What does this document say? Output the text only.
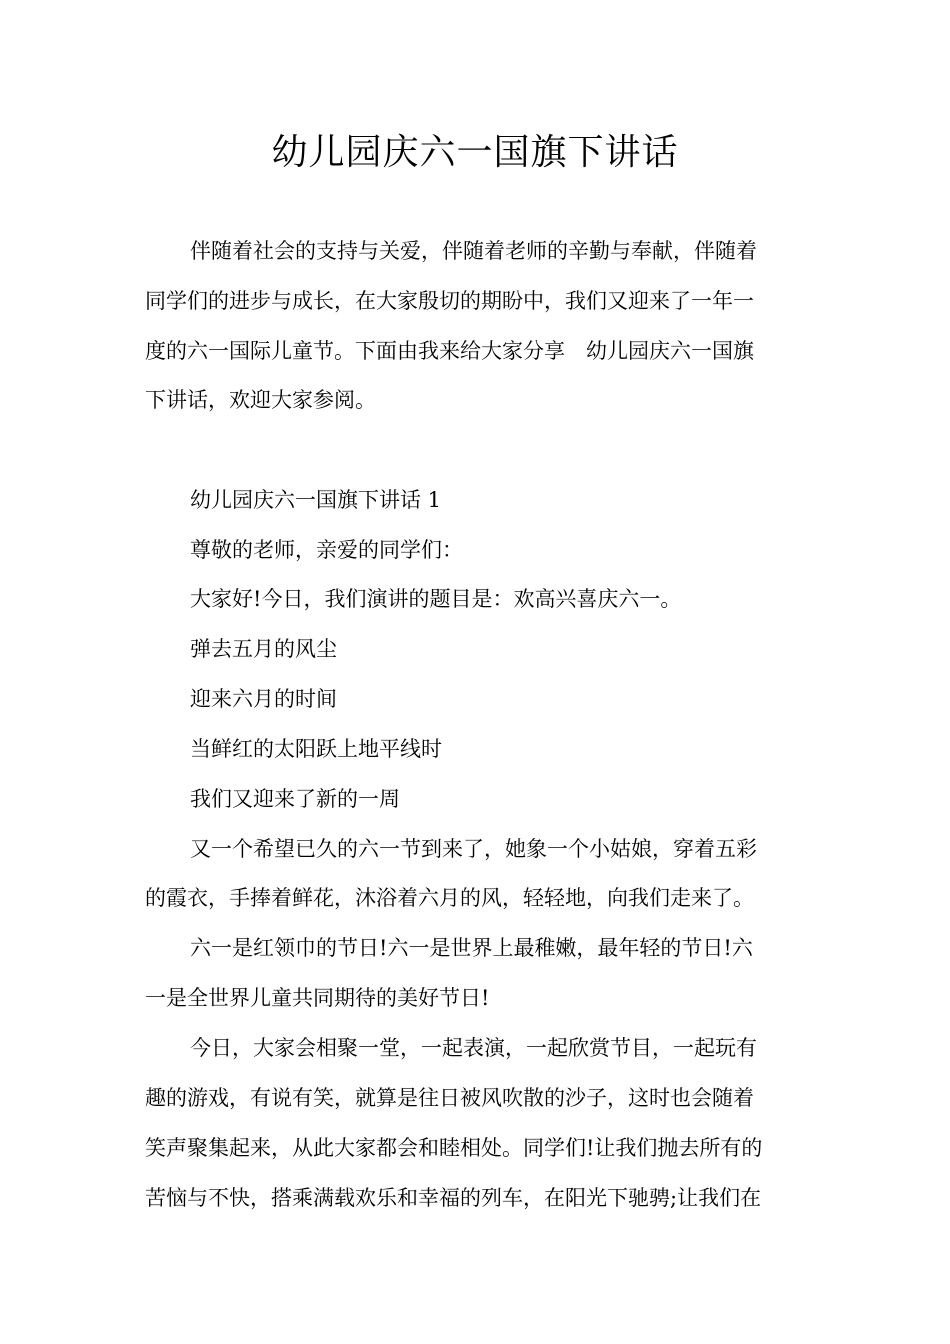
幼儿园庆六一国旗下讲话
伴随着社会的支持与关爱，伴随着老师的辛勤与奉献，伴随着
同学们的进步与成长，在大家殷切的期盼中，我们又迎来了一年一
度的六一国际儿童节。下面由我来给大家分享　幼儿园庆六一国旗
下讲话，欢迎大家参阅。
幼儿园庆六一国旗下讲话 1
尊敬的老师，亲爱的同学们：
大家好!今日，我们演讲的题目是：欢高兴喜庆六一。
弹去五月的风尘
迎来六月的时间
当鲜红的太阳跃上地平线时
我们又迎来了新的一周
又一个希望已久的六一节到来了，她象一个小姑娘，穿着五彩
的霞衣，手捧着鲜花，沐浴着六月的风，轻轻地，向我们走来了。
六一是红领巾的节日!六一是世界上最稚嫩，最年轻的节日!六
一是全世界儿童共同期待的美好节日!
今日，大家会相聚一堂，一起表演，一起欣赏节目，一起玩有
趣的游戏，有说有笑，就算是往日被风吹散的沙子，这时也会随着
笑声聚集起来，从此大家都会和睦相处。同学们!让我们抛去所有的
苦恼与不快，搭乘满载欢乐和幸福的列车，在阳光下驰骋;让我们在
